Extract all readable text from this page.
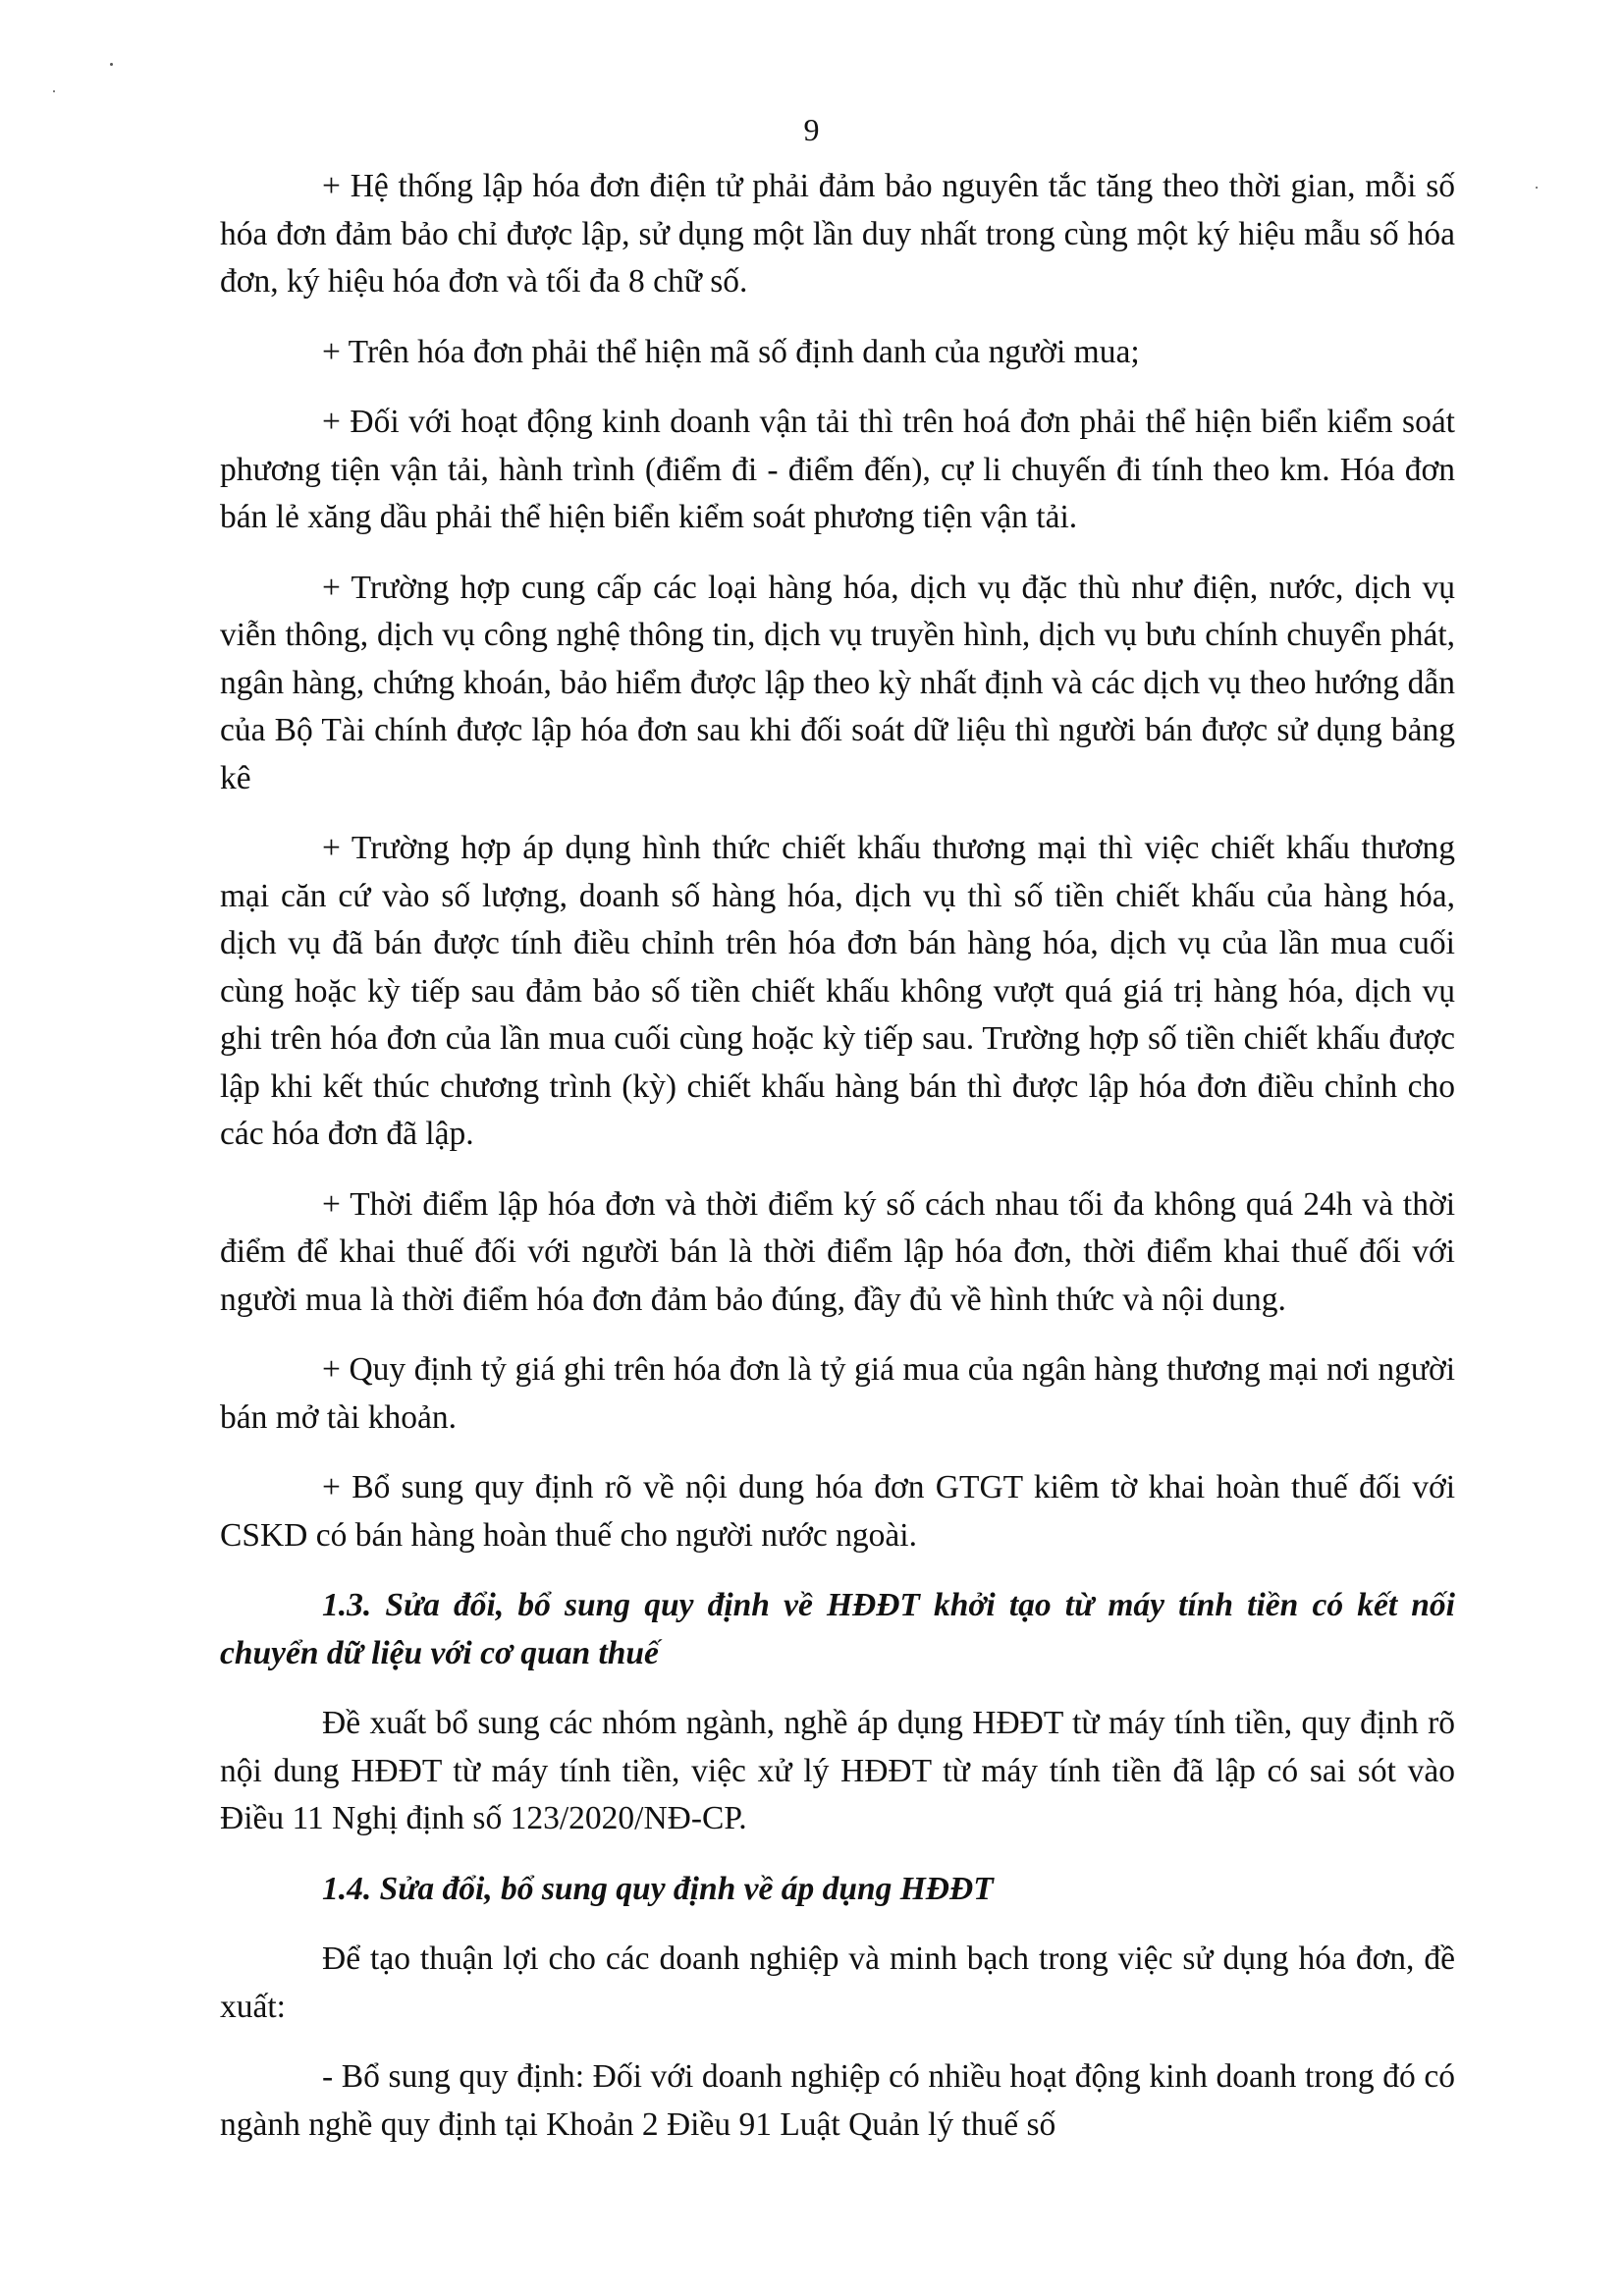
9

+ Hệ thống lập hóa đơn điện tử phải đảm bảo nguyên tắc tăng theo thời gian, mỗi số hóa đơn đảm bảo chỉ được lập, sử dụng một lần duy nhất trong cùng một ký hiệu mẫu số hóa đơn, ký hiệu hóa đơn và tối đa 8 chữ số.

+ Trên hóa đơn phải thể hiện mã số định danh của người mua;

+ Đối với hoạt động kinh doanh vận tải thì trên hoá đơn phải thể hiện biển kiểm soát phương tiện vận tải, hành trình (điểm đi - điểm đến), cự li chuyến đi tính theo km. Hóa đơn bán lẻ xăng dầu phải thể hiện biển kiểm soát phương tiện vận tải.

+ Trường hợp cung cấp các loại hàng hóa, dịch vụ đặc thù như điện, nước, dịch vụ viễn thông, dịch vụ công nghệ thông tin, dịch vụ truyền hình, dịch vụ bưu chính chuyển phát, ngân hàng, chứng khoán, bảo hiểm được lập theo kỳ nhất định và các dịch vụ theo hướng dẫn của Bộ Tài chính được lập hóa đơn sau khi đối soát dữ liệu thì người bán được sử dụng bảng kê

+ Trường hợp áp dụng hình thức chiết khấu thương mại thì việc chiết khấu thương mại căn cứ vào số lượng, doanh số hàng hóa, dịch vụ thì số tiền chiết khấu của hàng hóa, dịch vụ đã bán được tính điều chỉnh trên hóa đơn bán hàng hóa, dịch vụ của lần mua cuối cùng hoặc kỳ tiếp sau đảm bảo số tiền chiết khấu không vượt quá giá trị hàng hóa, dịch vụ ghi trên hóa đơn của lần mua cuối cùng hoặc kỳ tiếp sau. Trường hợp số tiền chiết khấu được lập khi kết thúc chương trình (kỳ) chiết khấu hàng bán thì được lập hóa đơn điều chỉnh cho các hóa đơn đã lập.

+ Thời điểm lập hóa đơn và thời điểm ký số cách nhau tối đa không quá 24h và thời điểm để khai thuế đối với người bán là thời điểm lập hóa đơn, thời điểm khai thuế đối với người mua là thời điểm hóa đơn đảm bảo đúng, đầy đủ về hình thức và nội dung.

+ Quy định tỷ giá ghi trên hóa đơn là tỷ giá mua của ngân hàng thương mại nơi người bán mở tài khoản.

+ Bổ sung quy định rõ về nội dung hóa đơn GTGT kiêm tờ khai hoàn thuế đối với CSKD có bán hàng hoàn thuế cho người nước ngoài.

1.3. Sửa đổi, bổ sung quy định về HĐĐT khởi tạo từ máy tính tiền có kết nối chuyển dữ liệu với cơ quan thuế

Đề xuất bổ sung các nhóm ngành, nghề áp dụng HĐĐT từ máy tính tiền, quy định rõ nội dung HĐĐT từ máy tính tiền, việc xử lý HĐĐT từ máy tính tiền đã lập có sai sót vào Điều 11 Nghị định số 123/2020/NĐ-CP.

1.4. Sửa đổi, bổ sung quy định về áp dụng HĐĐT

Để tạo thuận lợi cho các doanh nghiệp và minh bạch trong việc sử dụng hóa đơn, đề xuất:

- Bổ sung quy định: Đối với doanh nghiệp có nhiều hoạt động kinh doanh trong đó có ngành nghề quy định tại Khoản 2 Điều 91 Luật Quản lý thuế số
